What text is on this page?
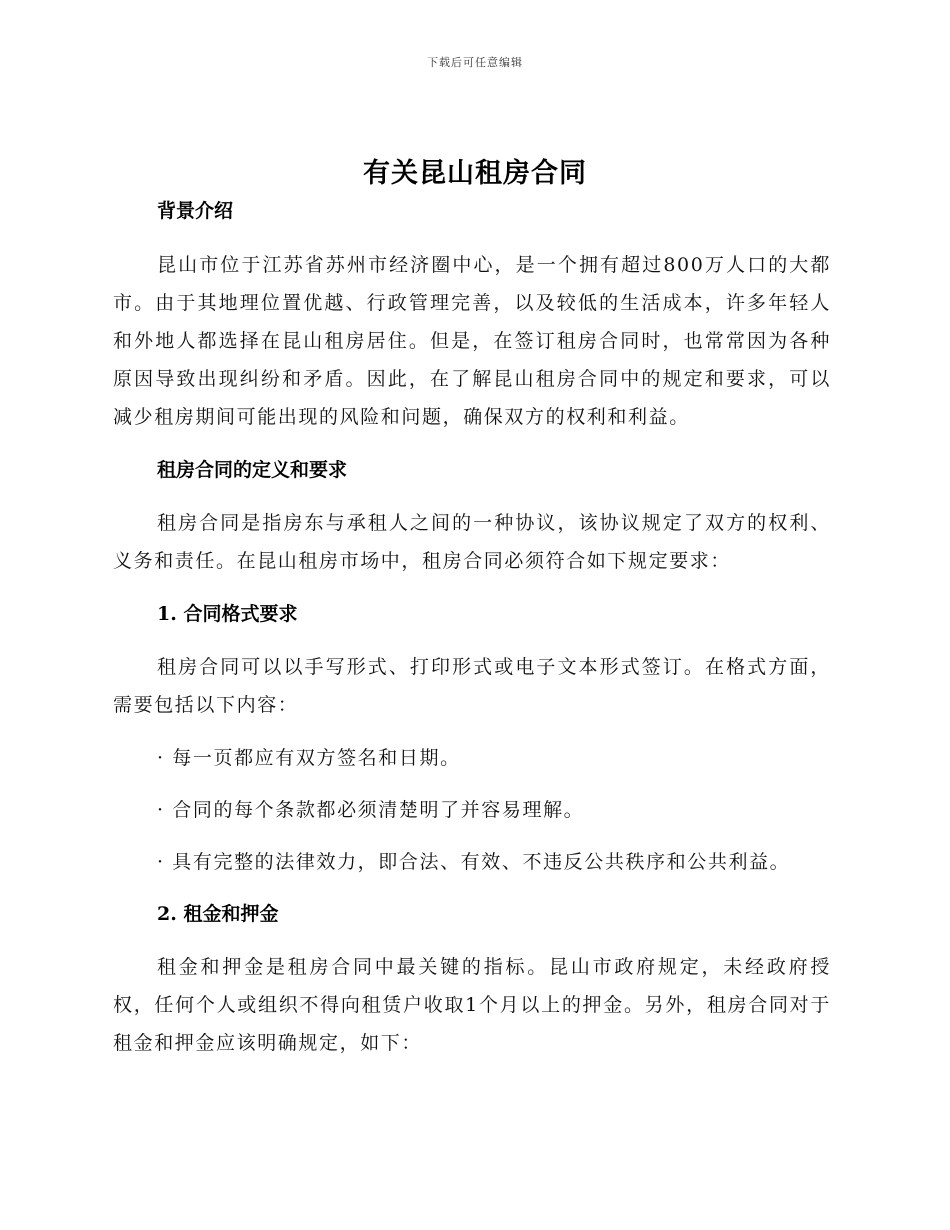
下载后可任意编辑
有关昆山租房合同

背景介绍

昆山市位于江苏省苏州市经济圈中心，是一个拥有超过800万人口的大都市。由于其地理位置优越、行政管理完善，以及较低的生活成本，许多年轻人和外地人都选择在昆山租房居住。但是，在签订租房合同时，也常常因为各种原因导致出现纠纷和矛盾。因此，在了解昆山租房合同中的规定和要求，可以减少租房期间可能出现的风险和问题，确保双方的权利和利益。

租房合同的定义和要求

租房合同是指房东与承租人之间的一种协议，该协议规定了双方的权利、义务和责任。在昆山租房市场中，租房合同必须符合如下规定要求：

1. 合同格式要求

租房合同可以以手写形式、打印形式或电子文本形式签订。在格式方面，需要包括以下内容：

· 每一页都应有双方签名和日期。

· 合同的每个条款都必须清楚明了并容易理解。

· 具有完整的法律效力，即合法、有效、不违反公共秩序和公共利益。

2. 租金和押金

租金和押金是租房合同中最关键的指标。昆山市政府规定，未经政府授权，任何个人或组织不得向租赁户收取1个月以上的押金。另外，租房合同对于租金和押金应该明确规定，如下：
